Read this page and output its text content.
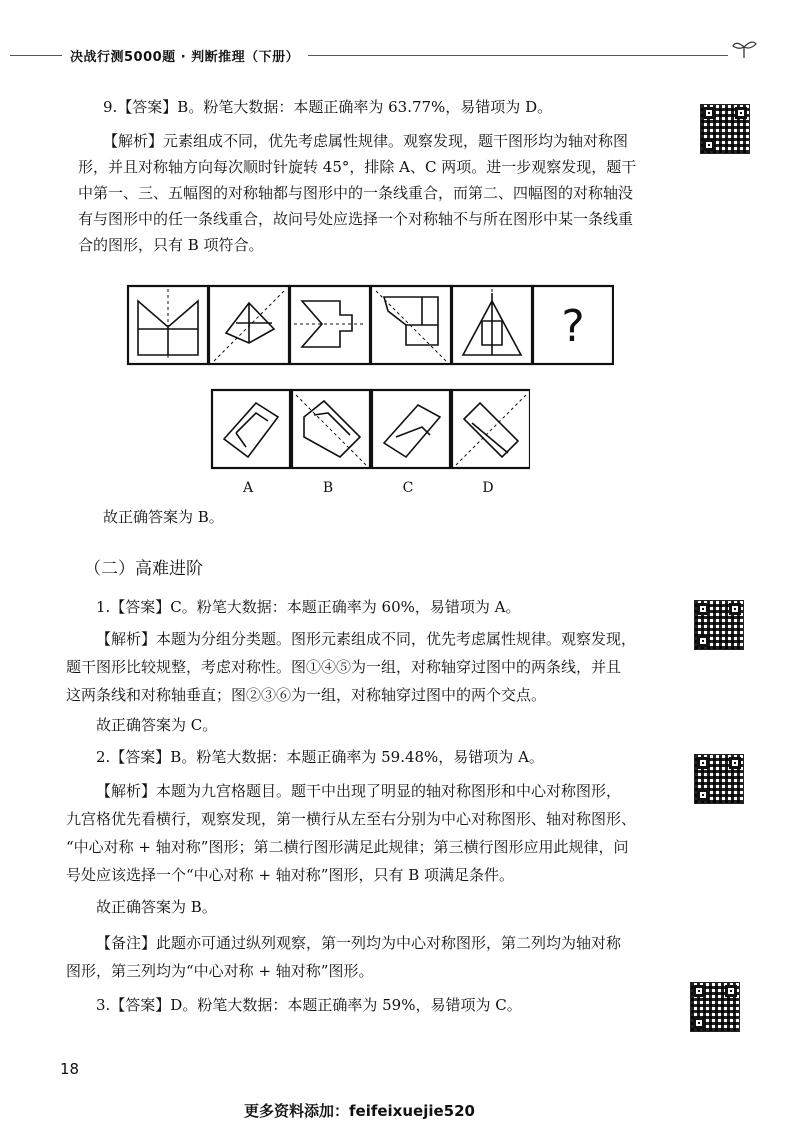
决战行测5000题 · 判断推理（下册）
9.【答案】B。粉笔大数据：本题正确率为 63.77%，易错项为 D。
【解析】元素组成不同，优先考虑属性规律。观察发现，题干图形均为轴对称图
形，并且对称轴方向每次顺时针旋转 45°，排除 A、C 两项。进一步观察发现，题干
中第一、三、五幅图的对称轴都与图形中的一条线重合，而第二、四幅图的对称轴没
有与图形中的任一条线重合，故问号处应选择一个对称轴不与所在图形中某一条线重
合的图形，只有 B 项符合。
?
A	B	C	D
故正确答案为 B。
（二）高难进阶
1.【答案】C。粉笔大数据：本题正确率为 60%，易错项为 A。
【解析】本题为分组分类题。图形元素组成不同，优先考虑属性规律。观察发现，
题干图形比较规整，考虑对称性。图①④⑤为一组，对称轴穿过图中的两条线，并且
这两条线和对称轴垂直；图②③⑥为一组，对称轴穿过图中的两个交点。
故正确答案为 C。
2.【答案】B。粉笔大数据：本题正确率为 59.48%，易错项为 A。
【解析】本题为九宫格题目。题干中出现了明显的轴对称图形和中心对称图形，
九宫格优先看横行，观察发现，第一横行从左至右分别为中心对称图形、轴对称图形、
“中心对称 + 轴对称”图形；第二横行图形满足此规律；第三横行图形应用此规律，问
号处应该选择一个“中心对称 + 轴对称”图形，只有 B 项满足条件。
故正确答案为 B。
【备注】此题亦可通过纵列观察，第一列均为中心对称图形，第二列均为轴对称
图形，第三列均为“中心对称 + 轴对称”图形。
3.【答案】D。粉笔大数据：本题正确率为 59%，易错项为 C。
18
更多资料添加：feifeixuejie520
